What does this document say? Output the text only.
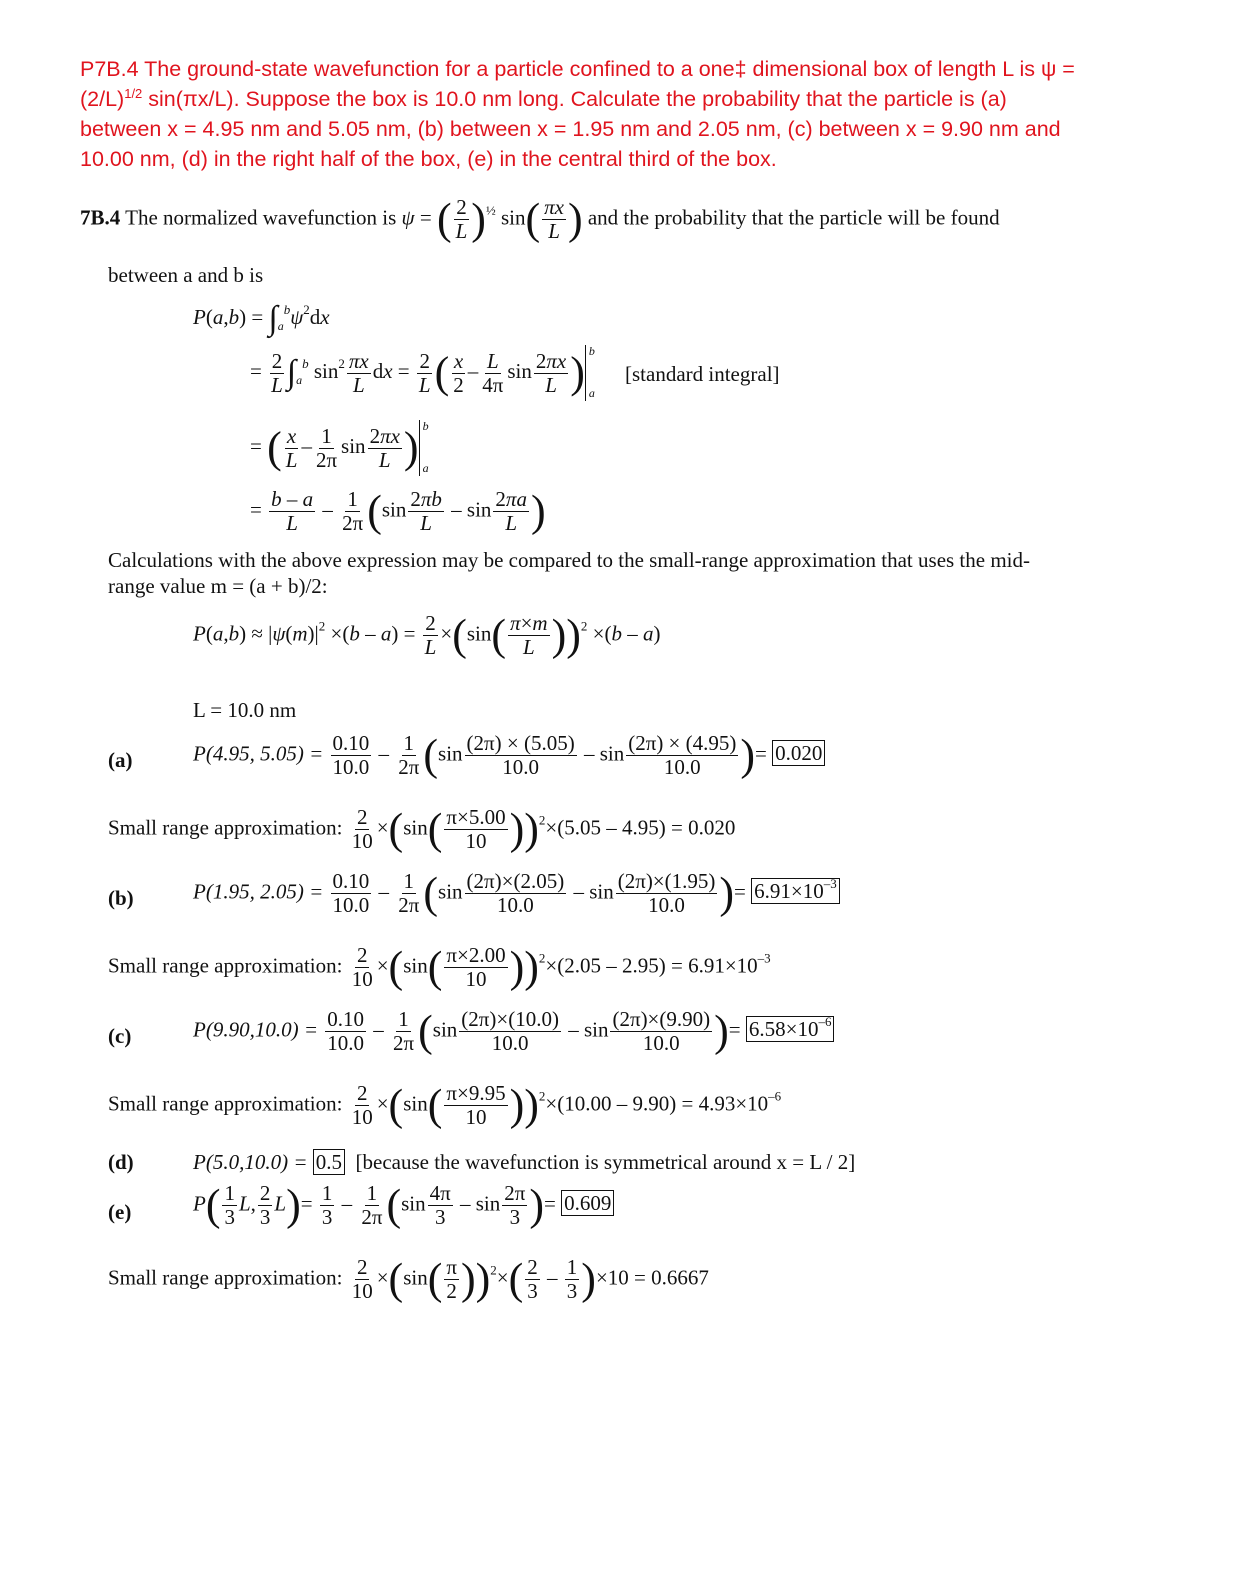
P7B.4 The ground-state wavefunction for a particle confined to a one‡ dimensional box of length L is ψ =
$(2/L)^{1/2}$ sin(πx/L). Suppose the box is 10.0 nm long. Calculate the probability that the particle is (a)
between x = 4.95 nm and 5.05 nm, (b) between x = 1.95 nm and 2.05 nm, (c) between x = 9.90 nm and
10.00 nm, (d) in the right half of the box, (e) in the central third of the box.
7B.4 The normalized wavefunction is ψ = ( $\frac{2}{L} )^{\frac{1}{2}}$ $\sin( \frac{\pi x}{L}$ ) and the probability that the particle will be found
between a and b is
$P(a,b) = \int_a^b\psi^2dx$
= $\frac{2}{L} \int_a^b$ $\sin^2 \frac{\pi x}{L}$ dx = $\frac{2}{L}$ ( $\frac{x}{2} - \frac{L}{4\pi}$ $\sin \frac{2\pi x}{L}$ ) b
a
[standard integral]
= ( $\frac{x}{L} - \frac{1}{2\pi}$ $\sin \frac{2\pi x}{L}$ ) b
a
= $\frac{b - a}{L} - \frac{1}{2\pi} (\sin \frac{2\pi b}{L}$ – $\sin \frac{2\pi a}{L}$ )
Calculations with the above expression may be compared to the small-range approximation that uses the mid-
range value m = (a + b)/2:
$P(a,b) \approx |\psi(m)|^2 \times(b - a) = \frac{2}{L} \times(\sin( \frac{\pi\times m}{L} ))^2 \times(b - a)$
L = 10.0 nm
(a)	P(4.95, $5.05) = \frac{0.10}{10.0} - \frac{1}{2\pi} (\sin \frac{(2\pi) \times (5.05)}{10.0} - \sin \frac{(2\pi) \times (4.95)}{10.0}$ )= 0.020
Small range approximation: $\frac{2}{10} \times(\sin( \frac{\pi\times 5.00}{10} ))^2\times(5.05 - 4.95) = 0.020$
(b)	P(1.95, $2.05) = \frac{0.10}{10.0} - \frac{1}{2\pi} (\sin \frac{(2\pi)\times(2.05)}{10.0} - \sin \frac{(2\pi)\times(1.95)}{10.0}$ )= $6.91\times 10^{-3}$
Small range approximation: $\frac{2}{10} \times(\sin( \frac{\pi\times 2.00}{10} ))^2\times(2.05 - 2.95) = 6.91\times 10^{-3}$
(c)	$P(9.90,10.0) = \frac{0.10}{10.0} - \frac{1}{2\pi} (\sin \frac{(2\pi)\times(10.0)}{10.0} - \sin \frac{(2\pi)\times(9.90)}{10.0}$ )= $6.58\times 10^{-6}$
Small range approximation: $\frac{2}{10} \times(\sin( \frac{\pi\times 9.95}{10} ))^2\times(10.00 - 9.90) = 4.93\times 10^{-6}$
(d)	P(5.0,10.0) = 0.5 [because the wavefunction is symmetrical around x = L / 2]
(e)	$P( \frac{1}{3} L$, $\frac{2}{3} L)= \frac{1}{3} - \frac{1}{2\pi} (\sin \frac{4\pi}{3} - \sin \frac{2\pi}{3}$ )= 0.609
Small range approximation: $\frac{2}{10} \times(\sin( \frac{\pi}{2} ))^2\times( \frac{2}{3} - \frac{1}{3} )\times 10 = 0.6667$
